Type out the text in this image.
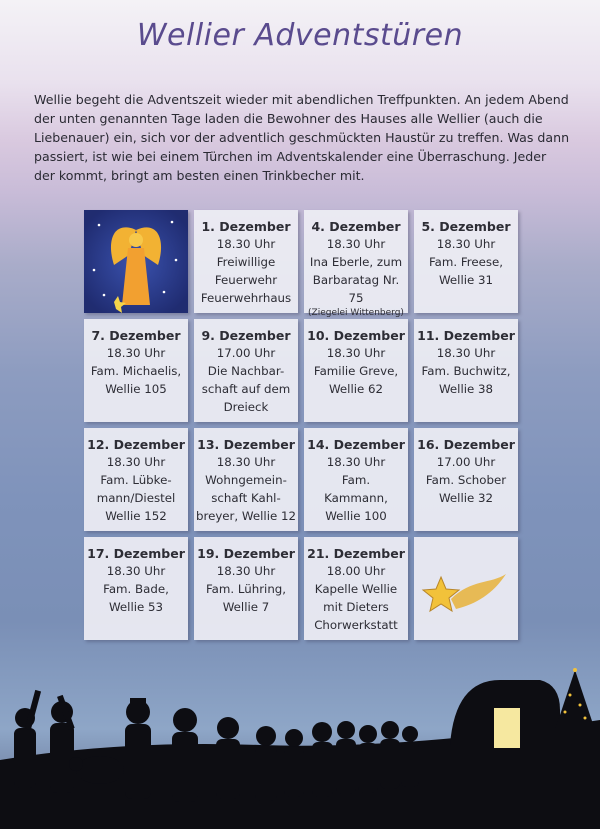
Wellier Adventstüren
Wellie begeht die Adventszeit wieder mit abendlichen Treffpunkten. An jedem Abend der unten genannten Tage laden die Bewohner des Hauses alle Wellier (auch die Liebenauer) ein, sich vor der adventlich geschmückten Haustür zu treffen. Was dann passiert, ist wie bei einem Türchen im Adventskalender eine Überraschung. Jeder der kommt, bringt am besten einen Trinkbecher mit.
1. Dezember
18.30 Uhr
Freiwillige
Feuerwehr
Feuerwehrhaus
4. Dezember
18.30 Uhr
Ina Eberle, zum
Barbaratag Nr. 75
(Ziegelei Wittenberg)
5. Dezember
18.30 Uhr
Fam. Freese,
Wellie 31
7. Dezember
18.30 Uhr
Fam. Michaelis,
Wellie 105
9. Dezember
17.00 Uhr
Die Nachbar-
schaft auf dem
Dreieck
10. Dezember
18.30 Uhr
Familie Greve,
Wellie 62
11. Dezember
18.30 Uhr
Fam. Buchwitz,
Wellie 38
12. Dezember
18.30 Uhr
Fam. Lübke-
mann/Diestel
Wellie 152
13. Dezember
18.30 Uhr
Wohngemein-
schaft Kahl-
breyer, Wellie 12
14. Dezember
18.30 Uhr
Fam.
Kammann,
Wellie 100
16. Dezember
17.00 Uhr
Fam. Schober
Wellie 32
17. Dezember
18.30 Uhr
Fam. Bade,
Wellie 53
19. Dezember
18.30 Uhr
Fam. Lühring,
Wellie 7
21. Dezember
18.00 Uhr
Kapelle Wellie
mit Dieters
Chorwerkstatt
